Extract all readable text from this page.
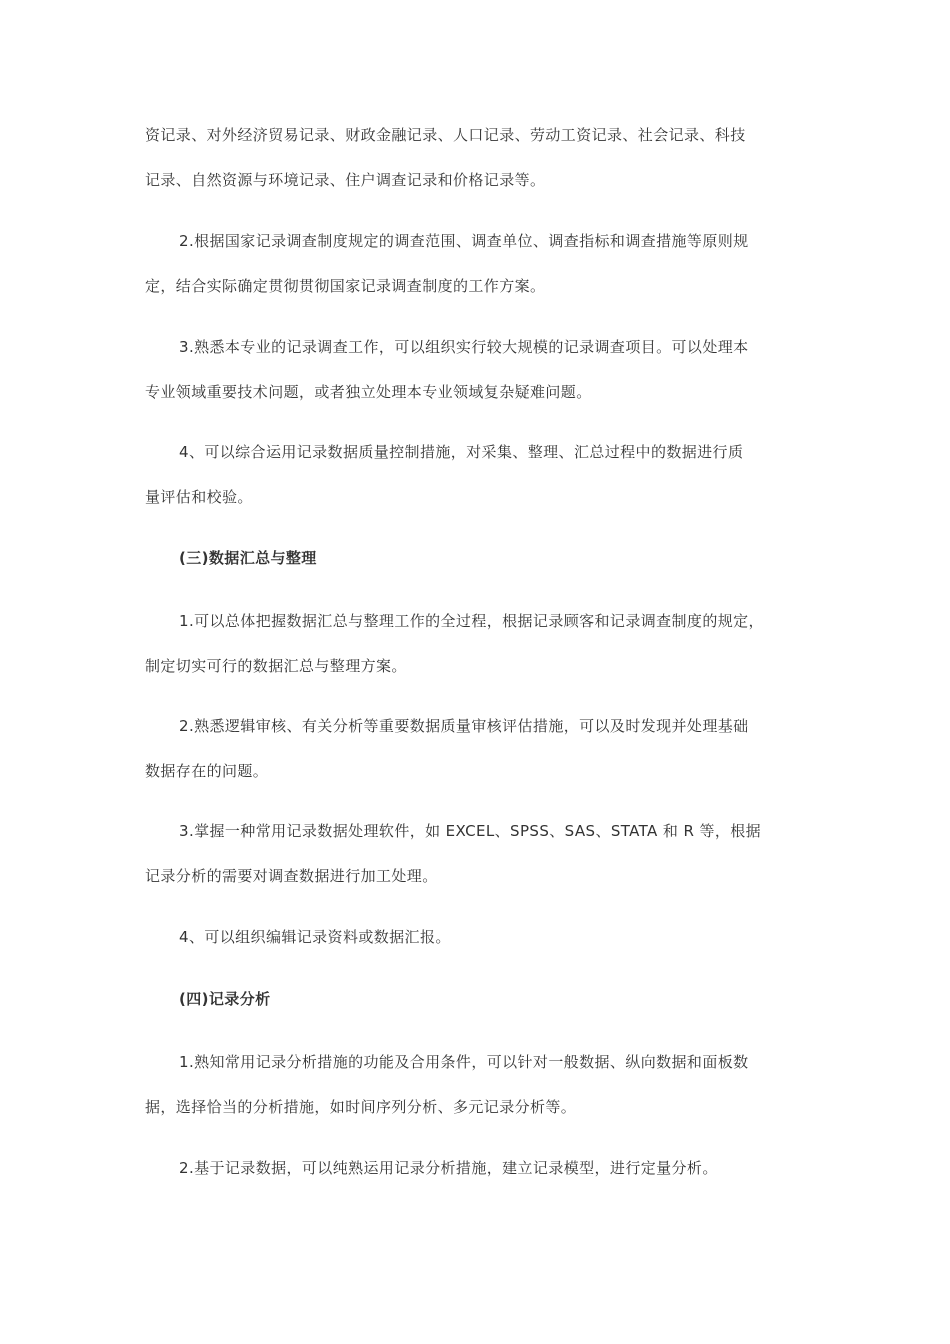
资记录、对外经济贸易记录、财政金融记录、人口记录、劳动工资记录、社会记录、科技
记录、自然资源与环境记录、住户调查记录和价格记录等。

2.根据国家记录调查制度规定的调查范围、调查单位、调查指标和调查措施等原则规
定，结合实际确定贯彻贯彻国家记录调查制度的工作方案。

3.熟悉本专业的记录调查工作，可以组织实行较大规模的记录调查项目。可以处理本
专业领域重要技术问题，或者独立处理本专业领域复杂疑难问题。

4、可以综合运用记录数据质量控制措施，对采集、整理、汇总过程中的数据进行质
量评估和校验。

(三)数据汇总与整理

1.可以总体把握数据汇总与整理工作的全过程，根据记录顾客和记录调查制度的规定，
制定切实可行的数据汇总与整理方案。

2.熟悉逻辑审核、有关分析等重要数据质量审核评估措施，可以及时发现并处理基础
数据存在的问题。

3.掌握一种常用记录数据处理软件，如 EXCEL、SPSS、SAS、STATA 和 R 等，根据
记录分析的需要对调查数据进行加工处理。

4、可以组织编辑记录资料或数据汇报。

(四)记录分析

1.熟知常用记录分析措施的功能及合用条件，可以针对一般数据、纵向数据和面板数
据，选择恰当的分析措施，如时间序列分析、多元记录分析等。

2.基于记录数据，可以纯熟运用记录分析措施，建立记录模型，进行定量分析。
